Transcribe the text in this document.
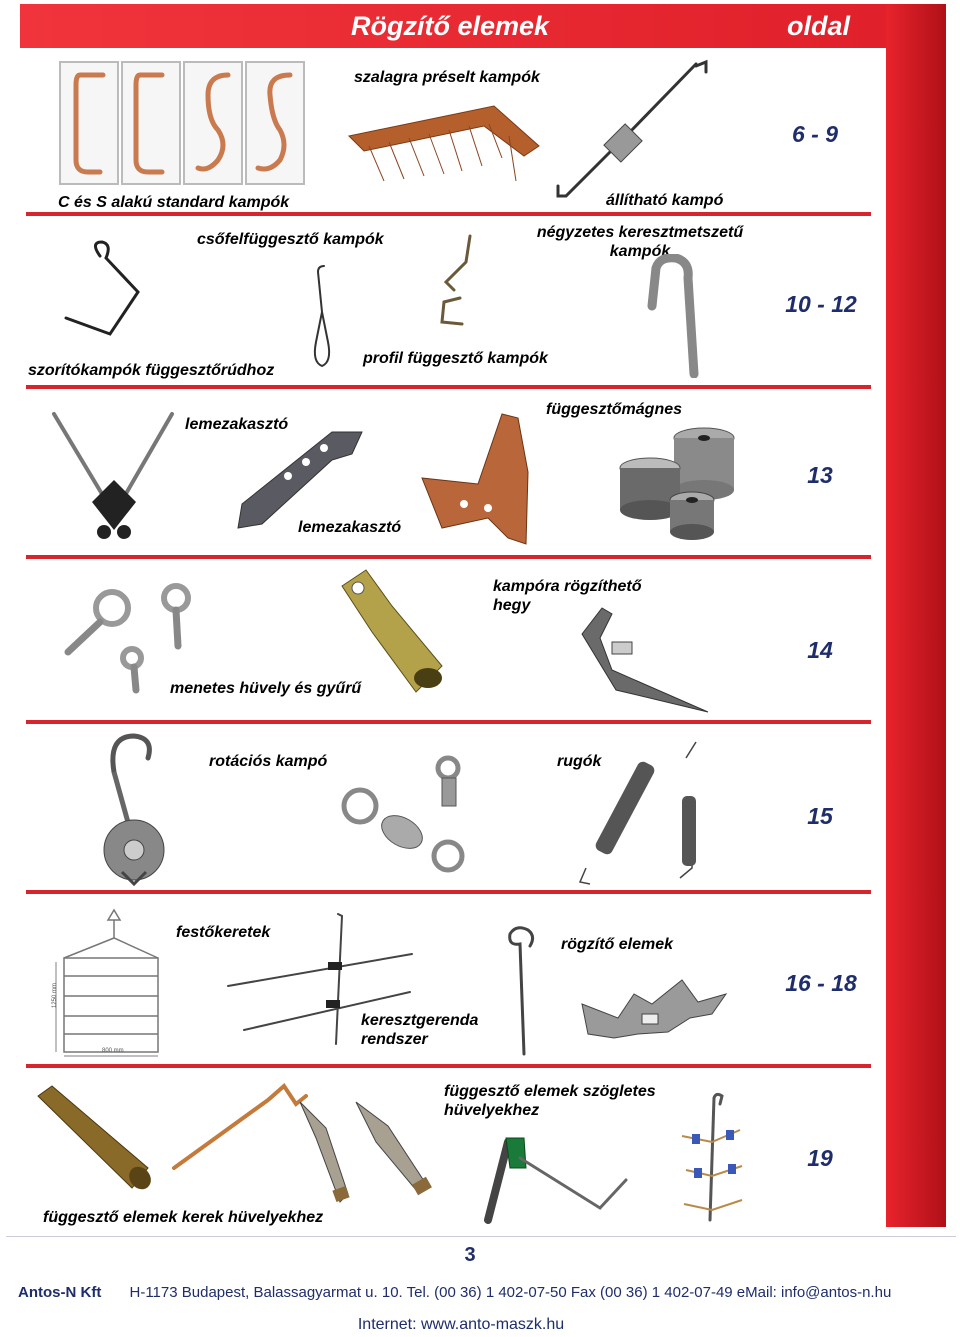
Rögzítő elemek	oldal
szalagra préselt kampók
C és S alakú standard kampók	állítható kampó
6 - 9
csőfelfüggesztő kampók	négyzetes keresztmetszetű kampók
10 - 12
szorítókampók függesztőrúdhoz
profil függesztő kampók
lemezakasztó
függesztőmágnes
13
lemezakasztó
kampóra rögzíthető hegy
14
menetes hüvely és gyűrű
rotációs kampó	rugók
15
1250 mm
800 mm
festőkeretek
rögzítő elemek
16 - 18
keresztgerenda rendszer
függesztő elemek szögletes hüvelyekhez
19
függesztő elemek kerek hüvelyekhez
3
Antos-N Kft H-1173 Budapest, Balassagyarmat u. 10. Tel. (00 36) 1 402-07-50 Fax (00 36) 1 402-07-49 eMail: info@antos-n.hu
Internet: www.anto-maszk.hu
